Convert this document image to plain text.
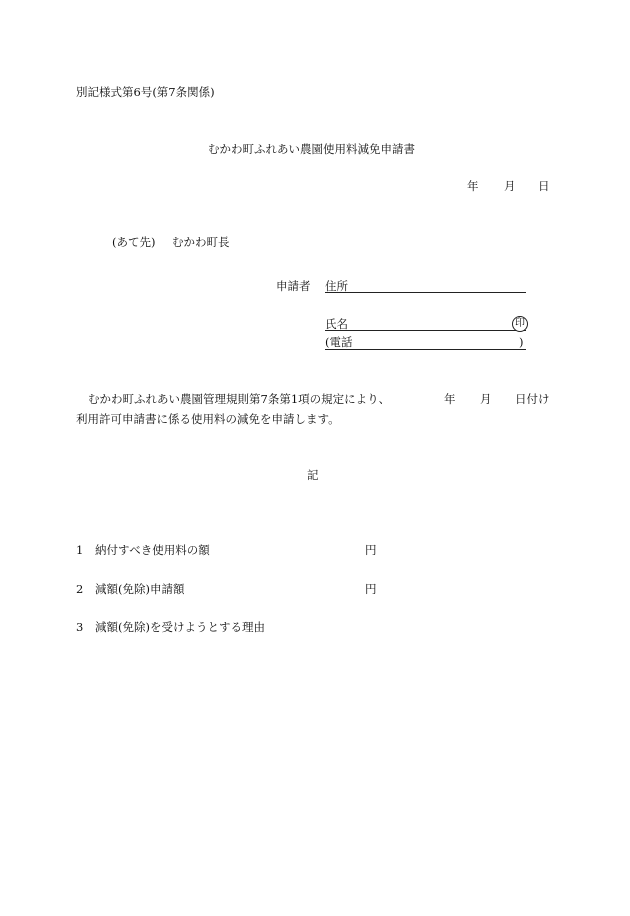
別記様式第6号(第7条関係)
むかわ町ふれあい農園使用料減免申請書
年 月 日
(あて先) むかわ町長
申請者 住所
氏名	印
(電話	)
むかわ町ふれあい農園管理規則第7条第1項の規定により、	年 月 日付け
利用許可申請書に係る使用料の減免を申請します。
記
1 納付すべき使用料の額	円
2 減額(免除)申請額	円
3 減額(免除)を受けようとする理由
